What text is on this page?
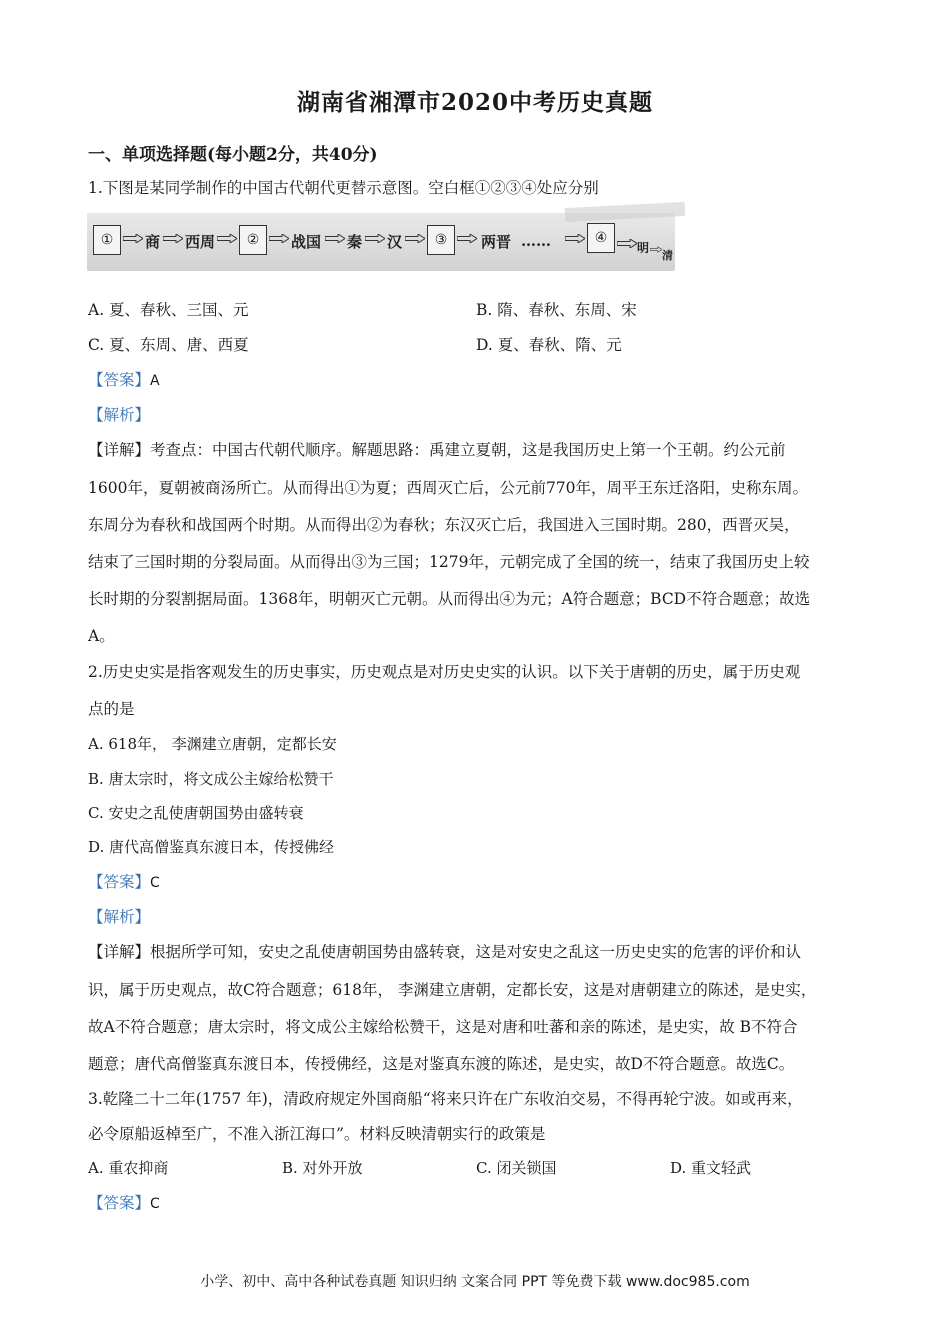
湖南省湘潭市2020中考历史真题
一、单项选择题(每小题2分，共40分)
1.下图是某同学制作的中国古代朝代更替示意图。空白框①②③④处应分别
①	商 西周	②	战国 秦 汉	③	两晋 ……	④
明
清
A. 夏、春秋、三国、元	B. 隋、春秋、东周、宋
C. 夏、东周、唐、西夏	D. 夏、春秋、隋、元
【答案】A
【解析】
【详解】考查点：中国古代朝代顺序。解题思路：禹建立夏朝，这是我国历史上第一个王朝。约公元前
1600年，夏朝被商汤所亡。从而得出①为夏；西周灭亡后，公元前770年，周平王东迁洛阳，史称东周。
东周分为春秋和战国两个时期。从而得出②为春秋；东汉灭亡后，我国进入三国时期。280，西晋灭吴，
结束了三国时期的分裂局面。从而得出③为三国；1279年，元朝完成了全国的统一，结束了我国历史上较
长时期的分裂割据局面。1368年，明朝灭亡元朝。从而得出④为元；A符合题意；BCD不符合题意；故选
A。
2.历史史实是指客观发生的历史事实，历史观点是对历史史实的认识。以下关于唐朝的历史，属于历史观
点的是
A. 618年， 李渊建立唐朝，定都长安
B. 唐太宗时，将文成公主嫁给松赞干
C. 安史之乱使唐朝国势由盛转衰
D. 唐代高僧鉴真东渡日本，传授佛经
【答案】C
【解析】
【详解】根据所学可知，安史之乱使唐朝国势由盛转衰，这是对安史之乱这一历史史实的危害的评价和认
识，属于历史观点，故C符合题意；618年， 李渊建立唐朝，定都长安，这是对唐朝建立的陈述，是史实，
故A不符合题意；唐太宗时，将文成公主嫁给松赞干，这是对唐和吐蕃和亲的陈述，是史实，故 B不符合
题意；唐代高僧鉴真东渡日本，传授佛经，这是对鉴真东渡的陈述，是史实，故D不符合题意。故选C。
3.乾隆二十二年(1757 年)，清政府规定外国商船“将来只许在广东收泊交易，不得再轮宁波。如或再来，
必令原船返棹至广，不准入浙江海口”。材料反映清朝实行的政策是
A. 重农抑商	B. 对外开放	C. 闭关锁国	D. 重文轻武
【答案】C
小学、初中、高中各种试卷真题 知识归纳 文案合同 PPT 等免费下载 www.doc985.com
